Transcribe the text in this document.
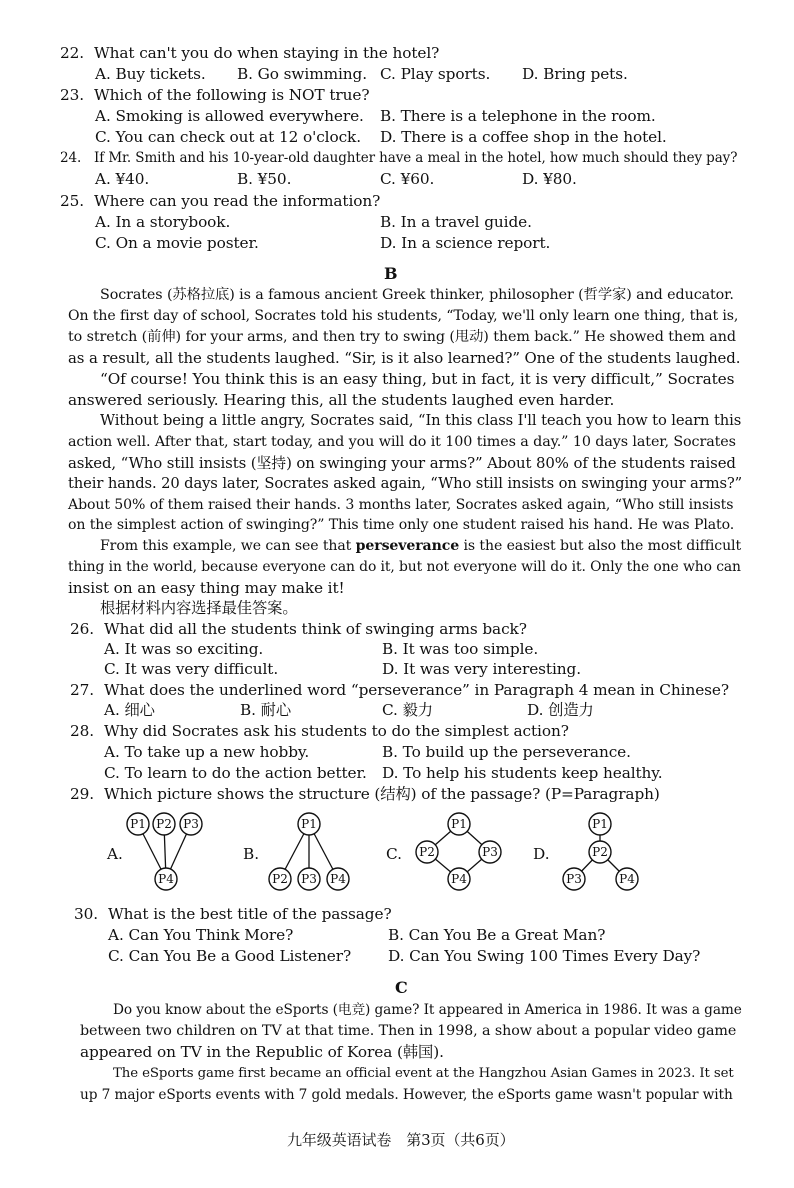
22. What can't you do when staying in the hotel?
A. Buy tickets. B. Go swimming. C. Play sports. D. Bring pets.
23. Which of the following is NOT true?
A. Smoking is allowed everywhere. B. There is a telephone in the room.
C. You can check out at 12 o'clock. D. There is a coffee shop in the hotel.
24. If Mr. Smith and his 10-year-old daughter have a meal in the hotel, how much should they pay?
A. ¥40.	B. ¥50.	C. ¥60.	D. ¥80.
25. Where can you read the information?
A. In a storybook.	B. In a travel guide.
C. On a movie poster.	D. In a science report.
B
Socrates (苏格拉底) is a famous ancient Greek thinker, philosopher (哲学家) and educator.
On the first day of school, Socrates told his students, “Today, we'll only learn one thing, that is,
to stretch (前伸) for your arms, and then try to swing (甩动) them back.” He showed them and
as a result, all the students laughed. “Sir, is it also learned?” One of the students laughed.
“Of course! You think this is an easy thing, but in fact, it is very difficult,” Socrates
answered seriously. Hearing this, all the students laughed even harder.
Without being a little angry, Socrates said, “In this class I'll teach you how to learn this
action well. After that, start today, and you will do it 100 times a day.” 10 days later, Socrates
asked, “Who still insists (坚持) on swinging your arms?” About 80% of the students raised
their hands. 20 days later, Socrates asked again, “Who still insists on swinging your arms?”
About 50% of them raised their hands. 3 months later, Socrates asked again, “Who still insists
on the simplest action of swinging?” This time only one student raised his hand. He was Plato.
From this example, we can see that perseverance is the easiest but also the most difficult
thing in the world, because everyone can do it, but not everyone will do it. Only the one who can
insist on an easy thing may make it!
根据材料内容选择最佳答案。
26. What did all the students think of swinging arms back?
A. It was so exciting.	B. It was too simple.
C. It was very difficult.	D. It was very interesting.
27. What does the underlined word “perseverance” in Paragraph 4 mean in Chinese?
A. 细心	B. 耐心	C. 毅力	D. 创造力
28. Why did Socrates ask his students to do the simplest action?
A. To take up a new hobby.	B. To build up the perseverance.
C. To learn to do the action better. D. To help his students keep healthy.
29. Which picture shows the structure (结构) of the passage? (P=Paragraph)
A.	B.	C.	D.
P1 P2 P3
P4
P1
P2 P3 P4
P1
P2	P3
P4
P1
P2
P3	P4
30. What is the best title of the passage?
A. Can You Think More?	B. Can You Be a Great Man?
C. Can You Be a Good Listener? D. Can You Swing 100 Times Every Day?
C
Do you know about the eSports (电竞) game? It appeared in America in 1986. It was a game
between two children on TV at that time. Then in 1998, a show about a popular video game
appeared on TV in the Republic of Korea (韩国).
The eSports game first became an official event at the Hangzhou Asian Games in 2023. It set
up 7 major eSports events with 7 gold medals. However, the eSports game wasn't popular with
九年级英语试卷　第3页（共6页）
